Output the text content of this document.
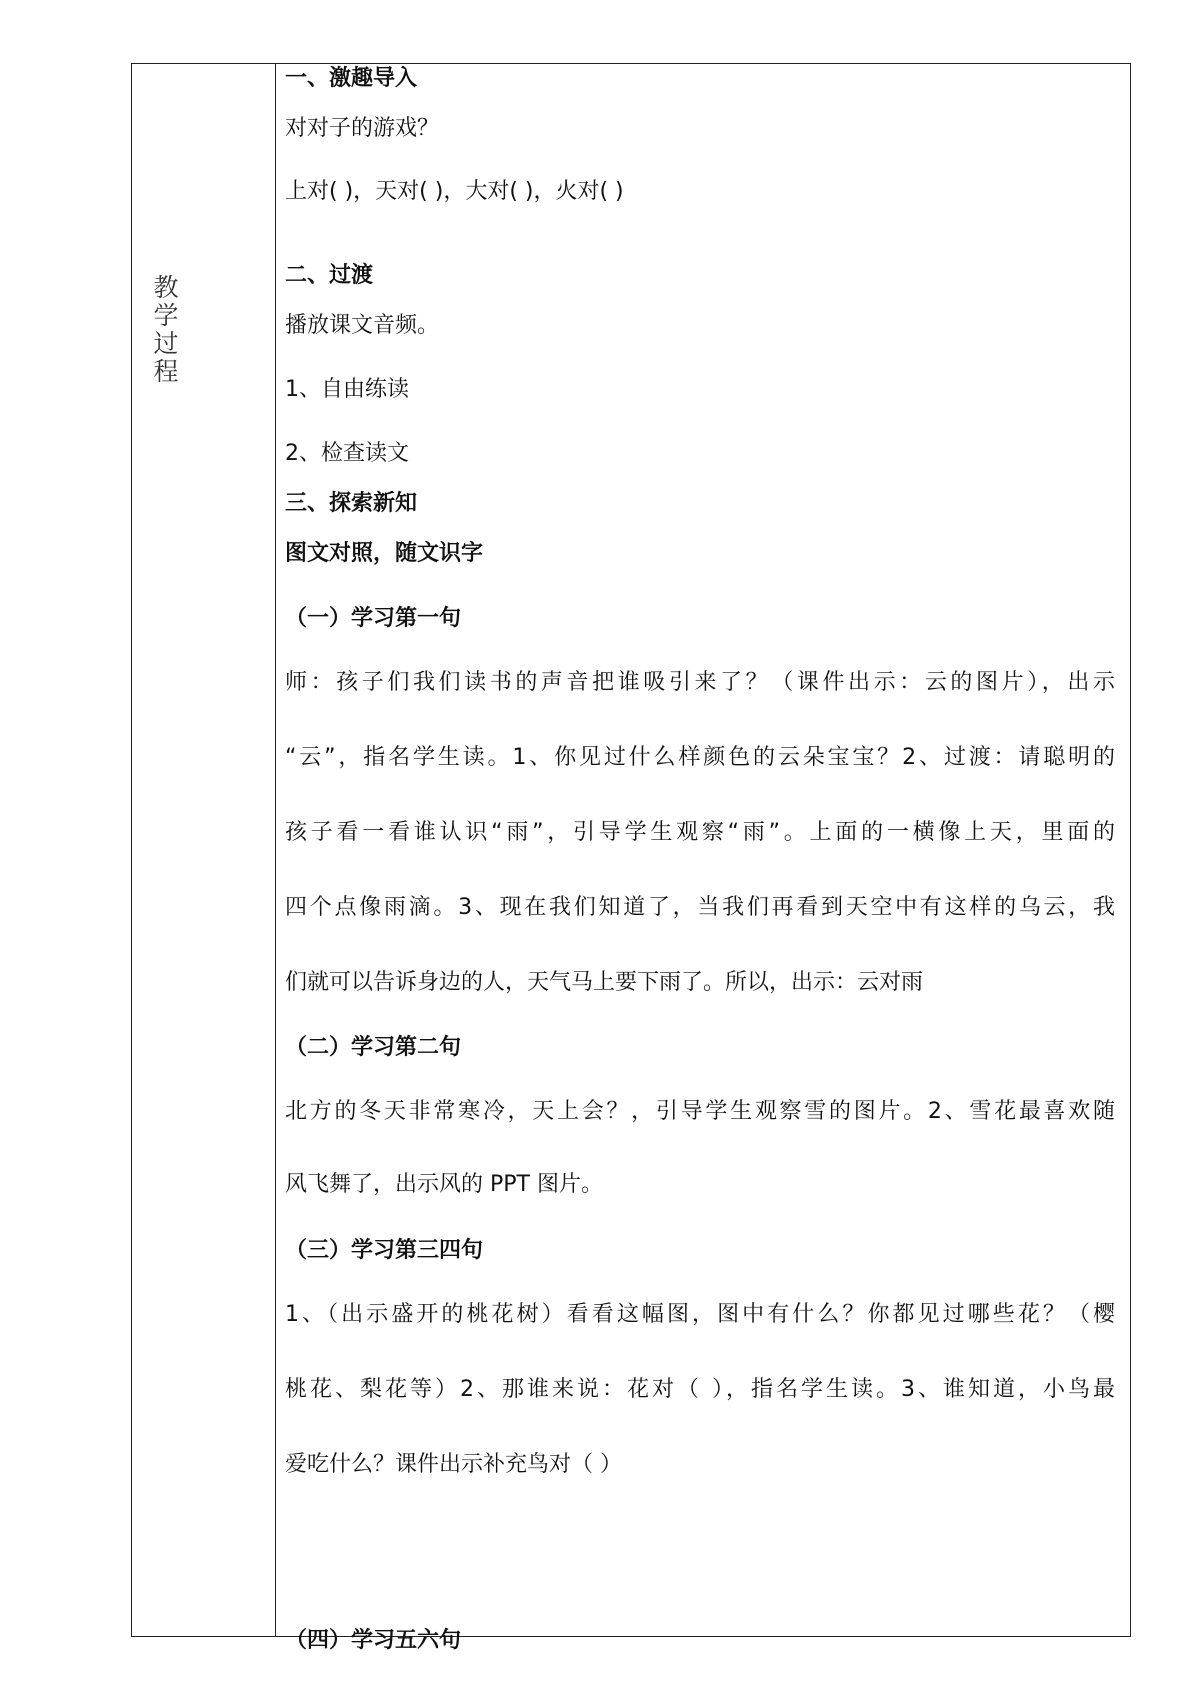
教学过程
一、激趣导入
对对子的游戏？
上对( )，天对( )，大对( )，火对( )
二、过渡
播放课文音频。
1、自由练读
2、检查读文
三、探索新知
图文对照，随文识字
（一）学习第一句
师：孩子们我们读书的声音把谁吸引来了？（课件出示：云的图片），出示
“云”，指名学生读。1、你见过什么样颜色的云朵宝宝？2、过渡：请聪明的
孩子看一看谁认识“雨”，引导学生观察“雨”。上面的一横像上天，里面的
四个点像雨滴。3、现在我们知道了，当我们再看到天空中有这样的乌云，我
们就可以告诉身边的人，天气马上要下雨了。所以，出示：云对雨
（二）学习第二句
北方的冬天非常寒冷，天上会？，引导学生观察雪的图片。2、雪花最喜欢随
风飞舞了，出示风的 PPT 图片。
（三）学习第三四句
1、（出示盛开的桃花树）看看这幅图，图中有什么？你都见过哪些花？（樱
桃花、梨花等）2、那谁来说：花对（ ），指名学生读。3、谁知道，小鸟最
爱吃什么？课件出示补充鸟对（ ）
（四）学习五六句
